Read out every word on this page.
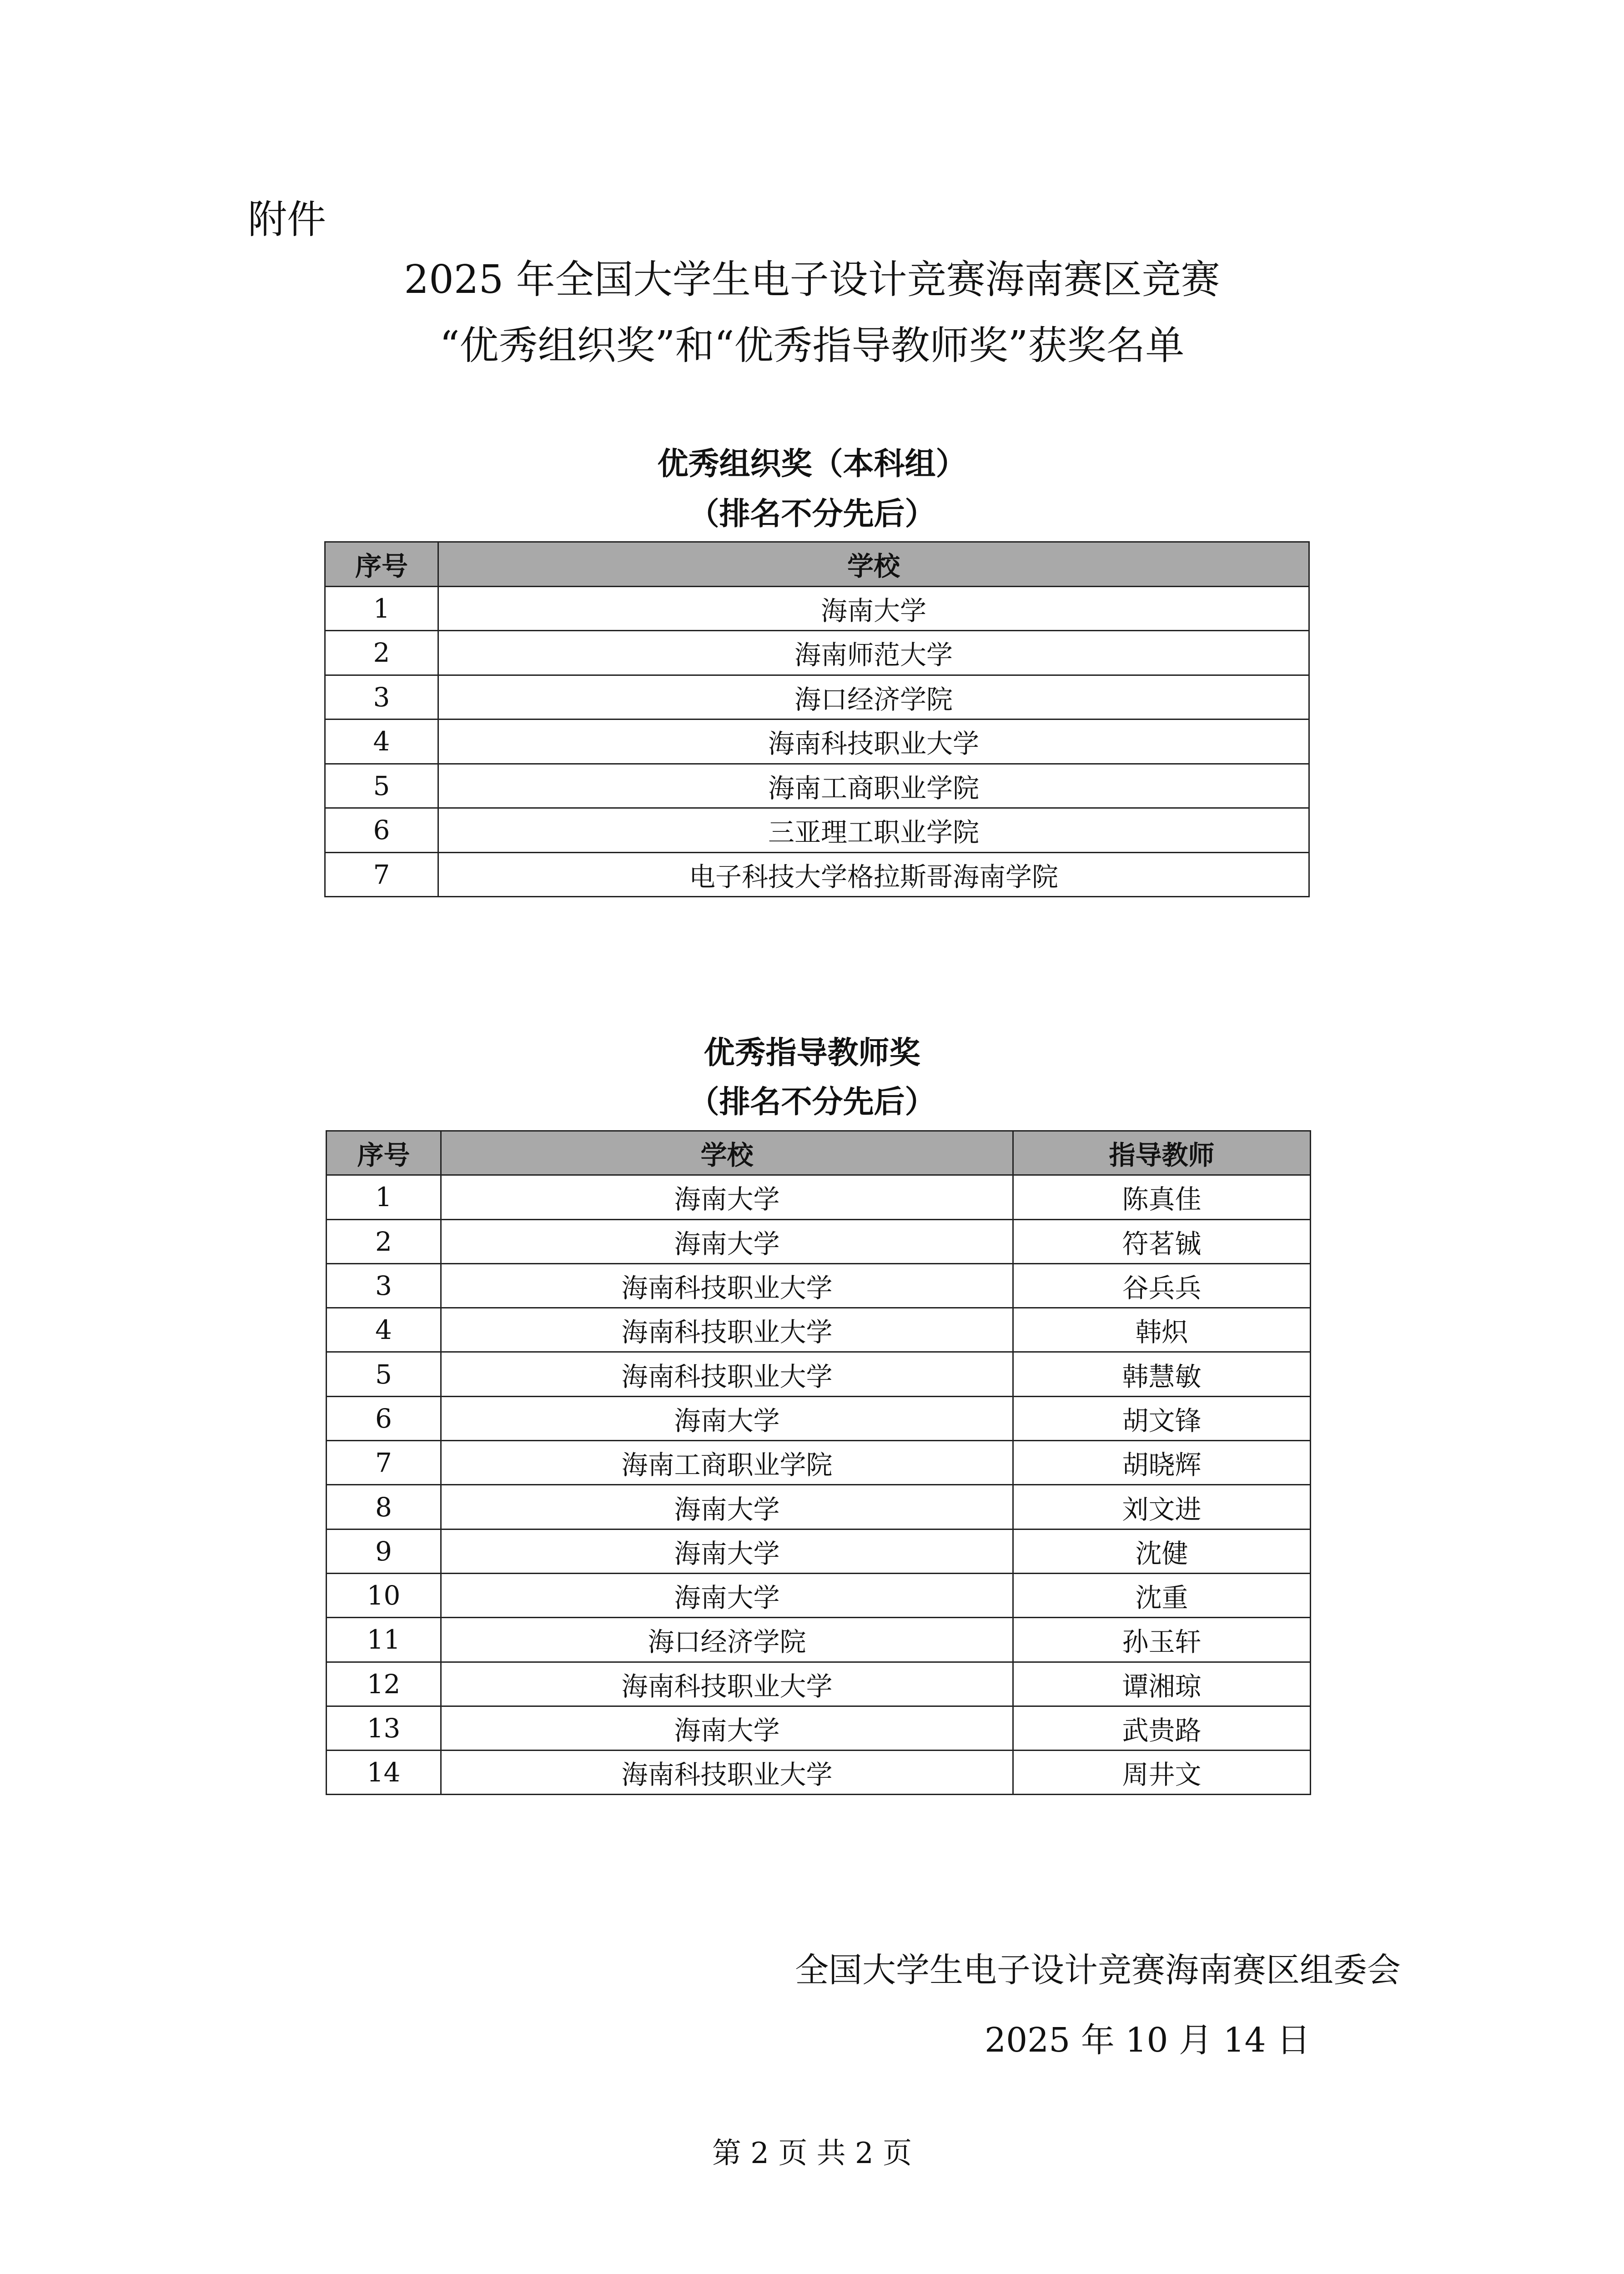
附件
2025 年全国大学生电子设计竞赛海南赛区竞赛
“优秀组织奖”和“优秀指导教师奖”获奖名单
优秀组织奖（本科组）
（排名不分先后）
序号	学校
1	海南大学
2	海南师范大学
3	海口经济学院
4	海南科技职业大学
5	海南工商职业学院
6	三亚理工职业学院
7	电子科技大学格拉斯哥海南学院
优秀指导教师奖
（排名不分先后）
序号	学校	指导教师
1	海南大学	陈真佳
2	海南大学	符茗铖
3	海南科技职业大学	谷兵兵
4	海南科技职业大学	韩炽
5	海南科技职业大学	韩慧敏
6	海南大学	胡文锋
7	海南工商职业学院	胡晓辉
8	海南大学	刘文进
9	海南大学	沈健
10	海南大学	沈重
11	海口经济学院	孙玉轩
12	海南科技职业大学	谭湘琼
13	海南大学	武贵路
14	海南科技职业大学	周井文
全国大学生电子设计竞赛海南赛区组委会
2025 年 10 月 14 日
第 2 页 共 2 页
